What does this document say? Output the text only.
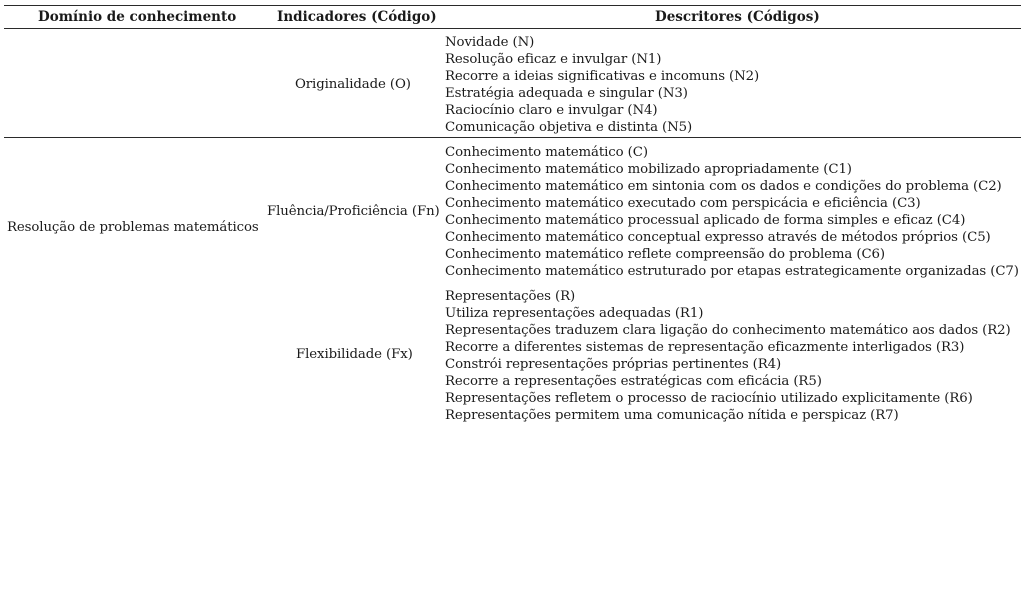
Domínio de conhecimento	Indicadores (Código)	Descritores (Códigos)
Resolução de problemas matemáticos
Originalidade (O)
Fluência/Proficiência (Fn)
Flexibilidade (Fx)
Novidade (N)
Resolução eficaz e invulgar (N1)
Recorre a ideias significativas e incomuns (N2)
Estratégia adequada e singular (N3)
Raciocínio claro e invulgar (N4)
Comunicação objetiva e distinta (N5)
Conhecimento matemático (C)
Conhecimento matemático mobilizado apropriadamente (C1)
Conhecimento matemático em sintonia com os dados e condições do problema (C2)
Conhecimento matemático executado com perspicácia e eficiência (C3)
Conhecimento matemático processual aplicado de forma simples e eficaz (C4)
Conhecimento matemático conceptual expresso através de métodos próprios (C5)
Conhecimento matemático reflete compreensão do problema (C6)
Conhecimento matemático estruturado por etapas estrategicamente organizadas (C7)
Representações (R)
Utiliza representações adequadas (R1)
Representações traduzem clara ligação do conhecimento matemático aos dados (R2)
Recorre a diferentes sistemas de representação eficazmente interligados (R3)
Constrói representações próprias pertinentes (R4)
Recorre a representações estratégicas com eficácia (R5)
Representações refletem o processo de raciocínio utilizado explicitamente (R6)
Representações permitem uma comunicação nítida e perspicaz (R7)
